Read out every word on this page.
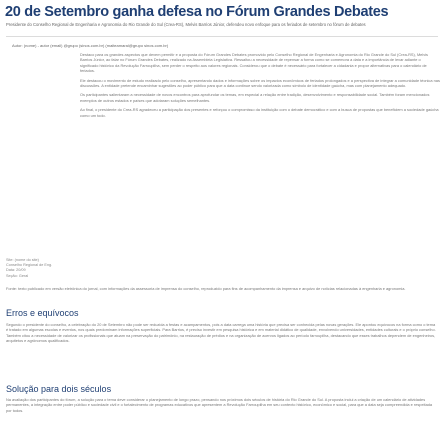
20 de Setembro ganha defesa no Fórum Grandes Debates
Presidente do Conselho Regional de Engenharia e Agronomia do Rio Grande do Sul (Crea-RS), Melvis Barrios Júnior, defendeu novo enfoque para os feriados de setembro no fórum de debates
Autor: (nome) - autor (email) @grupo (sinos.com.br) (maiteamaral@grupo sinos.com.br)

Destaco para os grandes aspectos que devem permitir e a proposta do Fórum Grandes Debates promovido pelo Conselho Regional de Engenharia e Agronomia do Rio Grande do Sul (Crea-RS), Melvis Barrios Júnior, ao falar no Fórum Grandes Debates, realizado na Assembleia Legislativa. Ressaltou a necessidade de repensar a forma como se comemora a data e a importância de levar adiante o significado histórico da Revolução Farroupilha, sem perder o respeito aos valores regionais. Considerou que o debate é necessário para fortalecer a cidadania e propor alternativas para o calendário de feriados.

Ele destacou o movimento de estudo realizado pelo conselho, apresentando dados e informações sobre os impactos econômicos de feriados prolongados e a perspectiva de integrar a comunidade técnica nas discussões. A entidade pretende encaminhar sugestões ao poder público para que a data continue sendo valorizada como símbolo de identidade gaúcha, mas com planejamento adequado.

Os participantes salientaram a necessidade de novos encontros para aprofundar os temas, em especial a relação entre tradição, desenvolvimento e responsabilidade social. Também foram mencionados exemplos de outros estados e países que adotaram soluções semelhantes.

Ao final, o presidente do Crea-RS agradeceu a participação dos presentes e reforçou o compromisso da instituição com o debate democrático e com a busca de propostas que beneficiem a sociedade gaúcha como um todo.

Site: (nome do site)
Conselho Regional de Eng.
Data: 20/09
Seção: Geral
Fonte: texto publicado em versão eletrônica do jornal, com informações da assessoria de imprensa do conselho, reproduzido para fins de acompanhamento da imprensa e arquivo de notícias relacionadas à engenharia e agronomia.
Erros e equívocos
Segundo o presidente do conselho, a celebração do 20 de Setembro não pode ser reduzida a festas e acampamentos, pois a data carrega uma história que precisa ser conhecida pelas novas gerações. Ele apontou equívocos na forma como o tema é tratado em algumas escolas e eventos, nos quais predominam informações superficiais. Para Barrios, é preciso investir em pesquisa histórica e em material didático de qualidade, envolvendo universidades, entidades culturais e o próprio conselho. Também citou a necessidade de valorizar os profissionais que atuam na preservação do patrimônio, na restauração de prédios e na organização de acervos ligados ao período farroupilha, destacando que esses trabalhos dependem de engenheiros, arquitetos e agrônomos qualificados.
Solução para dois séculos
Na avaliação dos participantes do fórum, a solução para o tema deve considerar o planejamento de longo prazo, pensando nos próximos dois séculos de história do Rio Grande do Sul. A proposta inclui a criação de um calendário de atividades permanentes, a integração entre poder público e sociedade civil e o fortalecimento de programas educativos que apresentem a Revolução Farroupilha em seu contexto histórico, econômico e social, para que a data seja compreendida e respeitada por todos.
